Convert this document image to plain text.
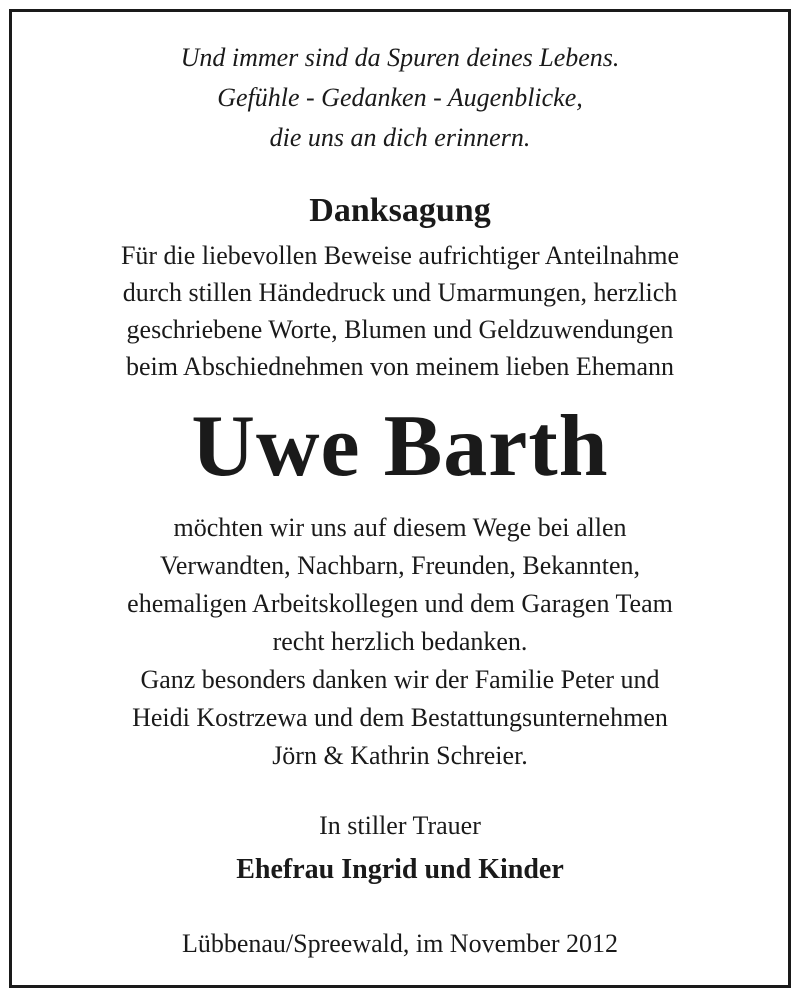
Und immer sind da Spuren deines Lebens.
Gefühle - Gedanken - Augenblicke,
die uns an dich erinnern.
Danksagung
Für die liebevollen Beweise aufrichtiger Anteilnahme
durch stillen Händedruck und Umarmungen, herzlich
geschriebene Worte, Blumen und Geldzuwendungen
beim Abschiednehmen von meinem lieben Ehemann
Uwe Barth
möchten wir uns auf diesem Wege bei allen
Verwandten, Nachbarn, Freunden, Bekannten,
ehemaligen Arbeitskollegen und dem Garagen Team
recht herzlich bedanken.
Ganz besonders danken wir der Familie Peter und
Heidi Kostrzewa und dem Bestattungsunternehmen
Jörn & Kathrin Schreier.
In stiller Trauer
Ehefrau Ingrid und Kinder
Lübbenau/Spreewald, im November 2012
